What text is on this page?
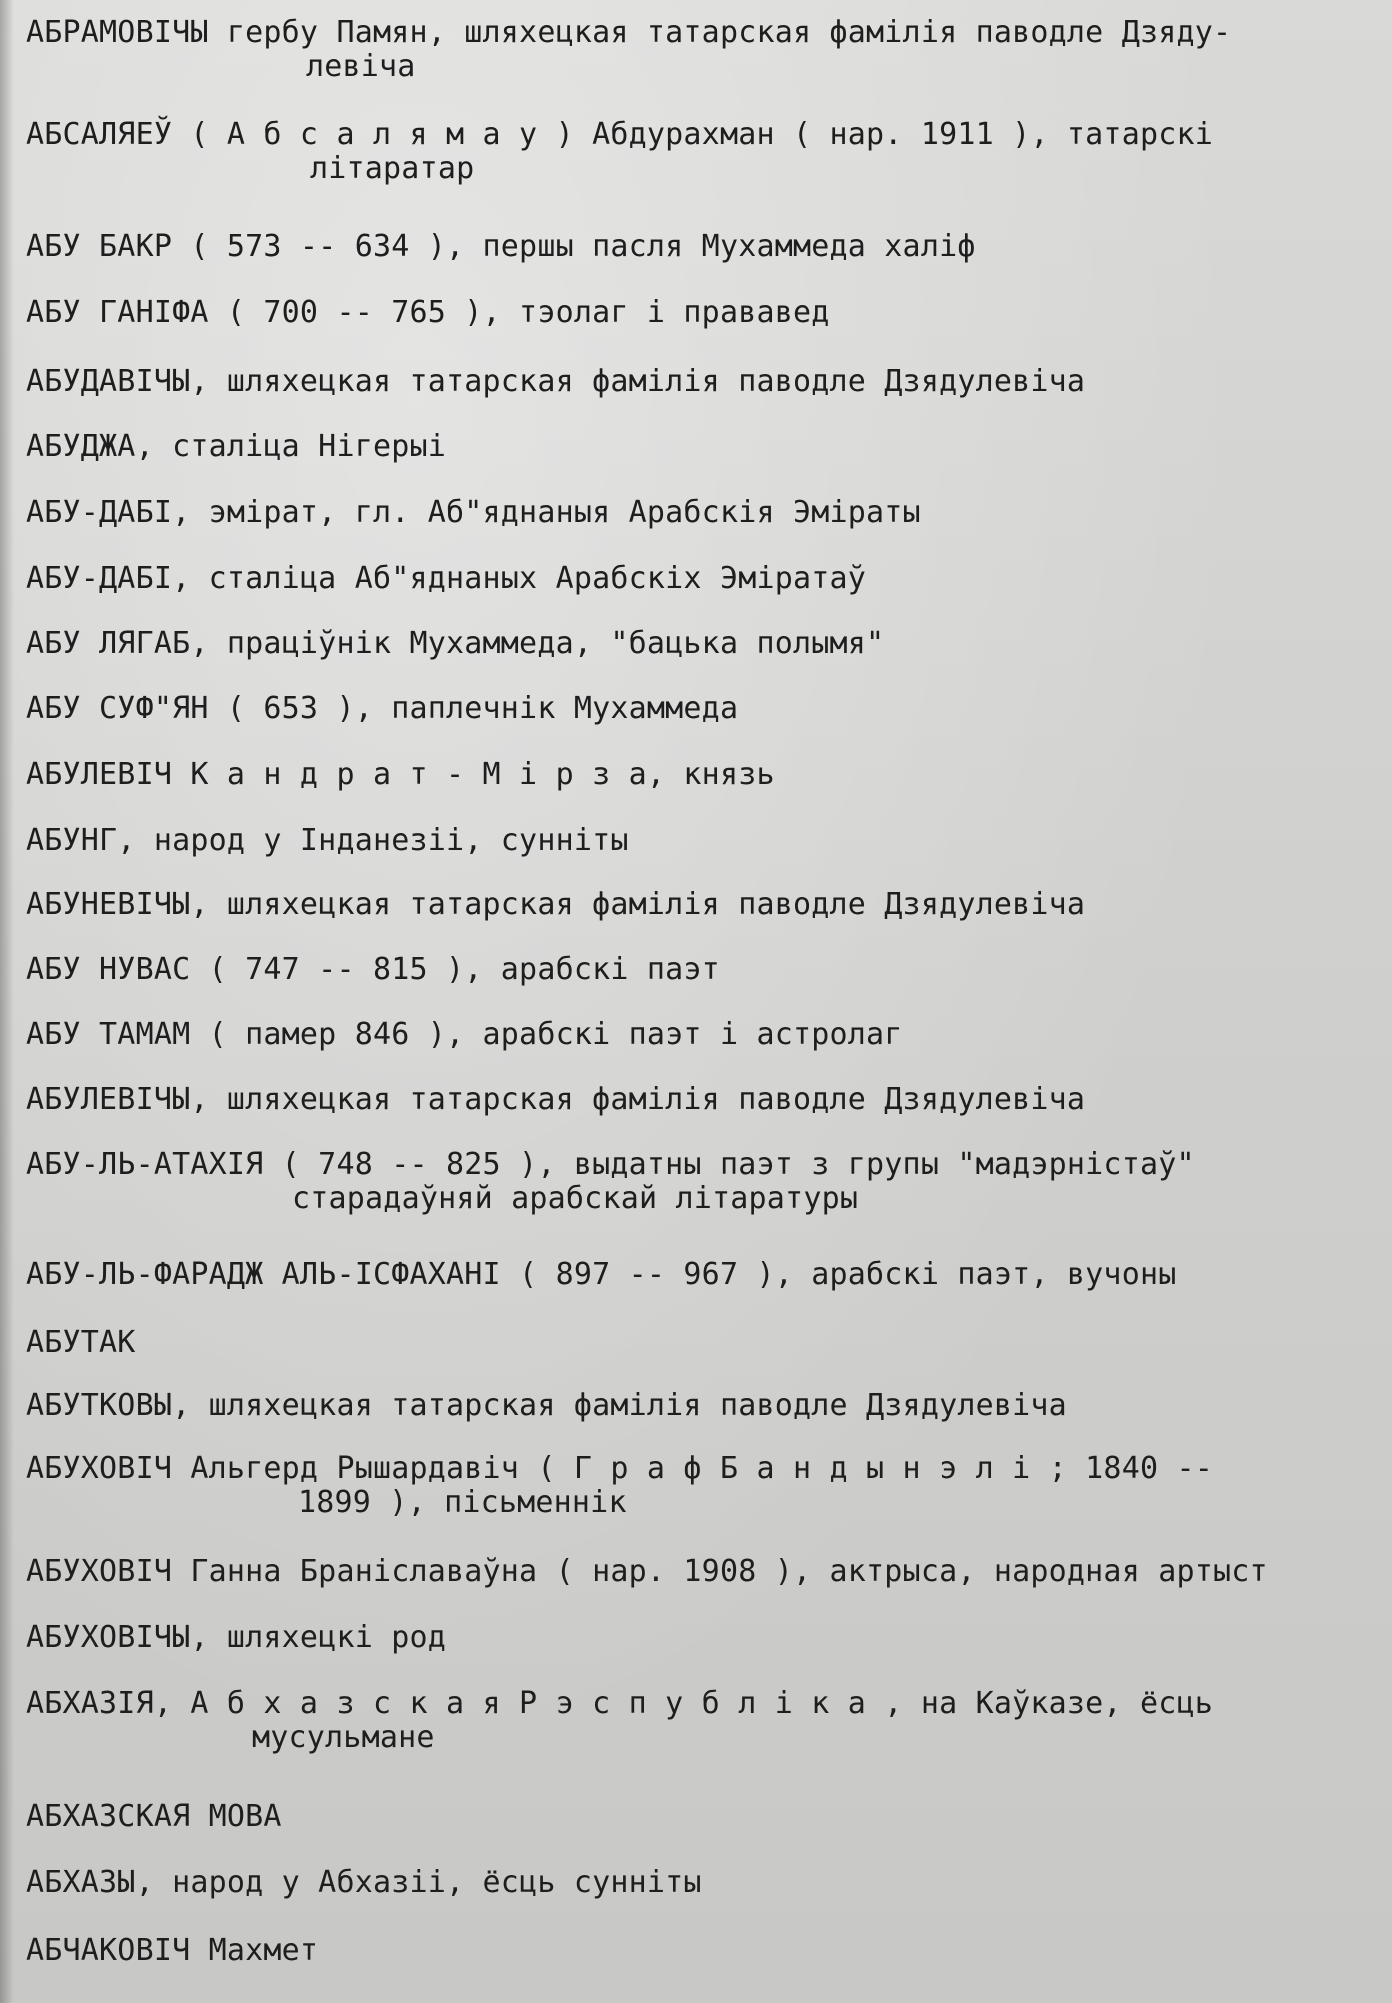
АБРАМОВІЧЫ гербу Памян, шляхецкая татарская фамілія паводле Дзяду-
левіча
АБСАЛЯЕЎ ( А б с а л я м а у ) Абдурахман ( нар. 1911 ), татарскі
літаратар
АБУ БАКР ( 573 -- 634 ), першы пасля Мухаммеда халіф
АБУ ГАНІФА ( 700 -- 765 ), тэолаг і прававед
АБУДАВІЧЫ, шляхецкая татарская фамілія паводле Дзядулевіча
АБУДЖА, сталіца Нігерыі
АБУ-ДАБІ, эмірат, гл. Аб"яднаныя Арабскія Эміраты
АБУ-ДАБІ, сталіца Аб"яднаных Арабскіх Эміратаў
АБУ ЛЯГАБ, працiўнік Мухаммеда, "бацька полымя"
АБУ СУФ"ЯН ( 653 ), паплечнік Мухаммеда
АБУЛЕВІЧ К а н д р а т - М і р з а, князь
АБУНГ, народ у Інданезіі, сунніты
АБУНЕВІЧЫ, шляхецкая татарская фамілія паводле Дзядулевіча
АБУ НУВАС ( 747 -- 815 ), арабскі паэт
АБУ ТАМАМ ( памер 846 ), арабскі паэт і астролаг
АБУЛЕВІЧЫ, шляхецкая татарская фамілія паводле Дзядулевіча
АБУ-ЛЬ-АТАХІЯ ( 748 -- 825 ), выдатны паэт з групы "мадэрністаў"
старадаўняй арабскай літаратуры
АБУ-ЛЬ-ФАРАДЖ АЛЬ-ІСФАХАНІ ( 897 -- 967 ), арабскі паэт, вучоны
АБУТАК
АБУТКОВЫ, шляхецкая татарская фамілія паводле Дзядулевіча
АБУХОВІЧ Альгерд Рышардавіч ( Г р а ф Б а н д ы н э л і ; 1840 --
1899 ), пісьменнік
АБУХОВІЧ Ганна Браніславаўна ( нар. 1908 ), актрыса, народная артыст
АБУХОВІЧЫ, шляхецкі род
АБХАЗІЯ, А б х а з с к а я Р э с п у б л і к а , на Каўказе, ёсць
мусульмане
АБХАЗСКАЯ МОВА
АБХАЗЫ, народ у Абхазіі, ёсць сунніты
АБЧАКОВІЧ Махмет
